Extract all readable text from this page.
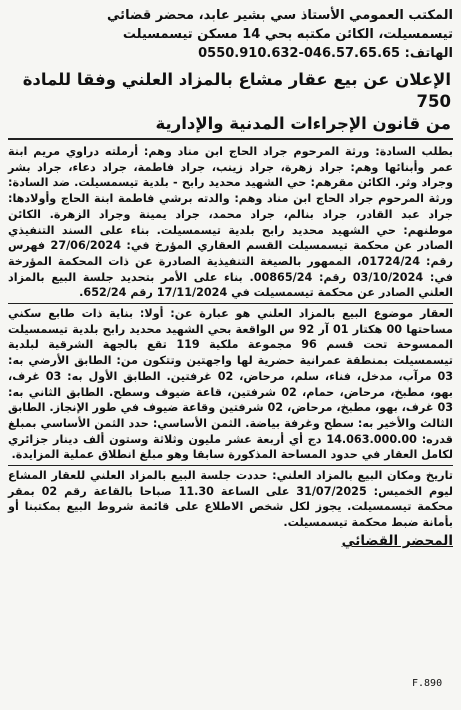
المكتب العمومي الأستاذ سي بشير عابد، محضر قضائي
تيسمسيلت، الكائن مكتبه بحي 14 مسكن تيسمسيلت
الهاتف: 046.57.65.65-0550.910.632
الإعلان عن بيع عقار مشاع بالمزاد العلني وفقا للمادة 750
من قانون الإجراءات المدنية والإدارية

بطلب السادة: ورثة المرحوم جراد الحاج ابن مناد وهم: أرملته دراوي مريم ابنة عمر وأبنائها وهم: جراد زهرة، جراد زينب، جراد فاطمة، جراد دعاء، جراد بشر وجراد وثر. الكائن مقرهم: حي الشهيد محديد رابح - بلدية تيسمسيلت. ضد السادة: ورثة المرحوم جراد الحاج ابن مناد وهم: والدته برشي فاطمة ابنة الحاج وأولادها: جراد عبد القادر، جراد بنالم، جراد محمد، جراد يمينة وجراد الزهرة. الكائن موطنهم: حي الشهيد محديد رابح بلدية تيسمسيلت. بناء على السند التنفيذي الصادر عن محكمة تيسمسيلت القسم العقاري المؤرخ في: 27/06/2024 فهرس رقم: 01724/24، الممهور بالصيغة التنفيذية الصادرة عن ذات المحكمة المؤرخة في: 03/10/2024 رقم: 00865/24. بناء على الأمر بتحديد جلسة البيع بالمزاد العلني الصادر عن محكمة تيسمسيلت في 17/11/2024 رقم 652/24.

العقار موضوع البيع بالمزاد العلني هو عبارة عن: أولا: بناية ذات طابع سكني مساحتها 00 هكتار 01 آر 92 س الواقعة بحي الشهيد محديد رابح بلدية تيسمسيلت الممسوحة تحت قسم 96 مجموعة ملكية 119 تقع بالجهة الشرقية لبلدية تيسمسيلت بمنطقة عمرانية حضرية لها واجهتين وتتكون من: الطابق الأرضي به: 03 مرآب، مدخل، فناء، سلم، مرحاض، 02 غرفتين. الطابق الأول به: 03 غرف، بهو، مطبخ، مرحاض، حمام، 02 شرفتين، قاعة ضيوف وسطح. الطابق الثاني به: 03 غرف، بهو، مطبخ، مرحاض، 02 شرفتين وقاعة ضيوف في طور الإنجاز. الطابق الثالث والأخير به: سطح وغرفة بياضة. الثمن الأساسي: حدد الثمن الأساسي بمبلغ قدره: 14.063.000.00 دج أي أربعة عشر مليون وثلاثة وستون ألف دينار جزائري لكامل العقار في حدود المساحة المذكورة سابقا وهو مبلغ انطلاق عملية المزايدة.

تاريخ ومكان البيع بالمزاد العلني: حددت جلسة البيع بالمزاد العلني للعقار المشاع ليوم الخميس: 31/07/2025 على الساعة 11.30 صباحا بالقاعة رقم 02 بمقر محكمة تيسمسيلت. يجوز لكل شخص الاطلاع على قائمة شروط البيع بمكتبنا أو بأمانة ضبط محكمة تيسمسيلت.

المحضر القضائي
F.890
